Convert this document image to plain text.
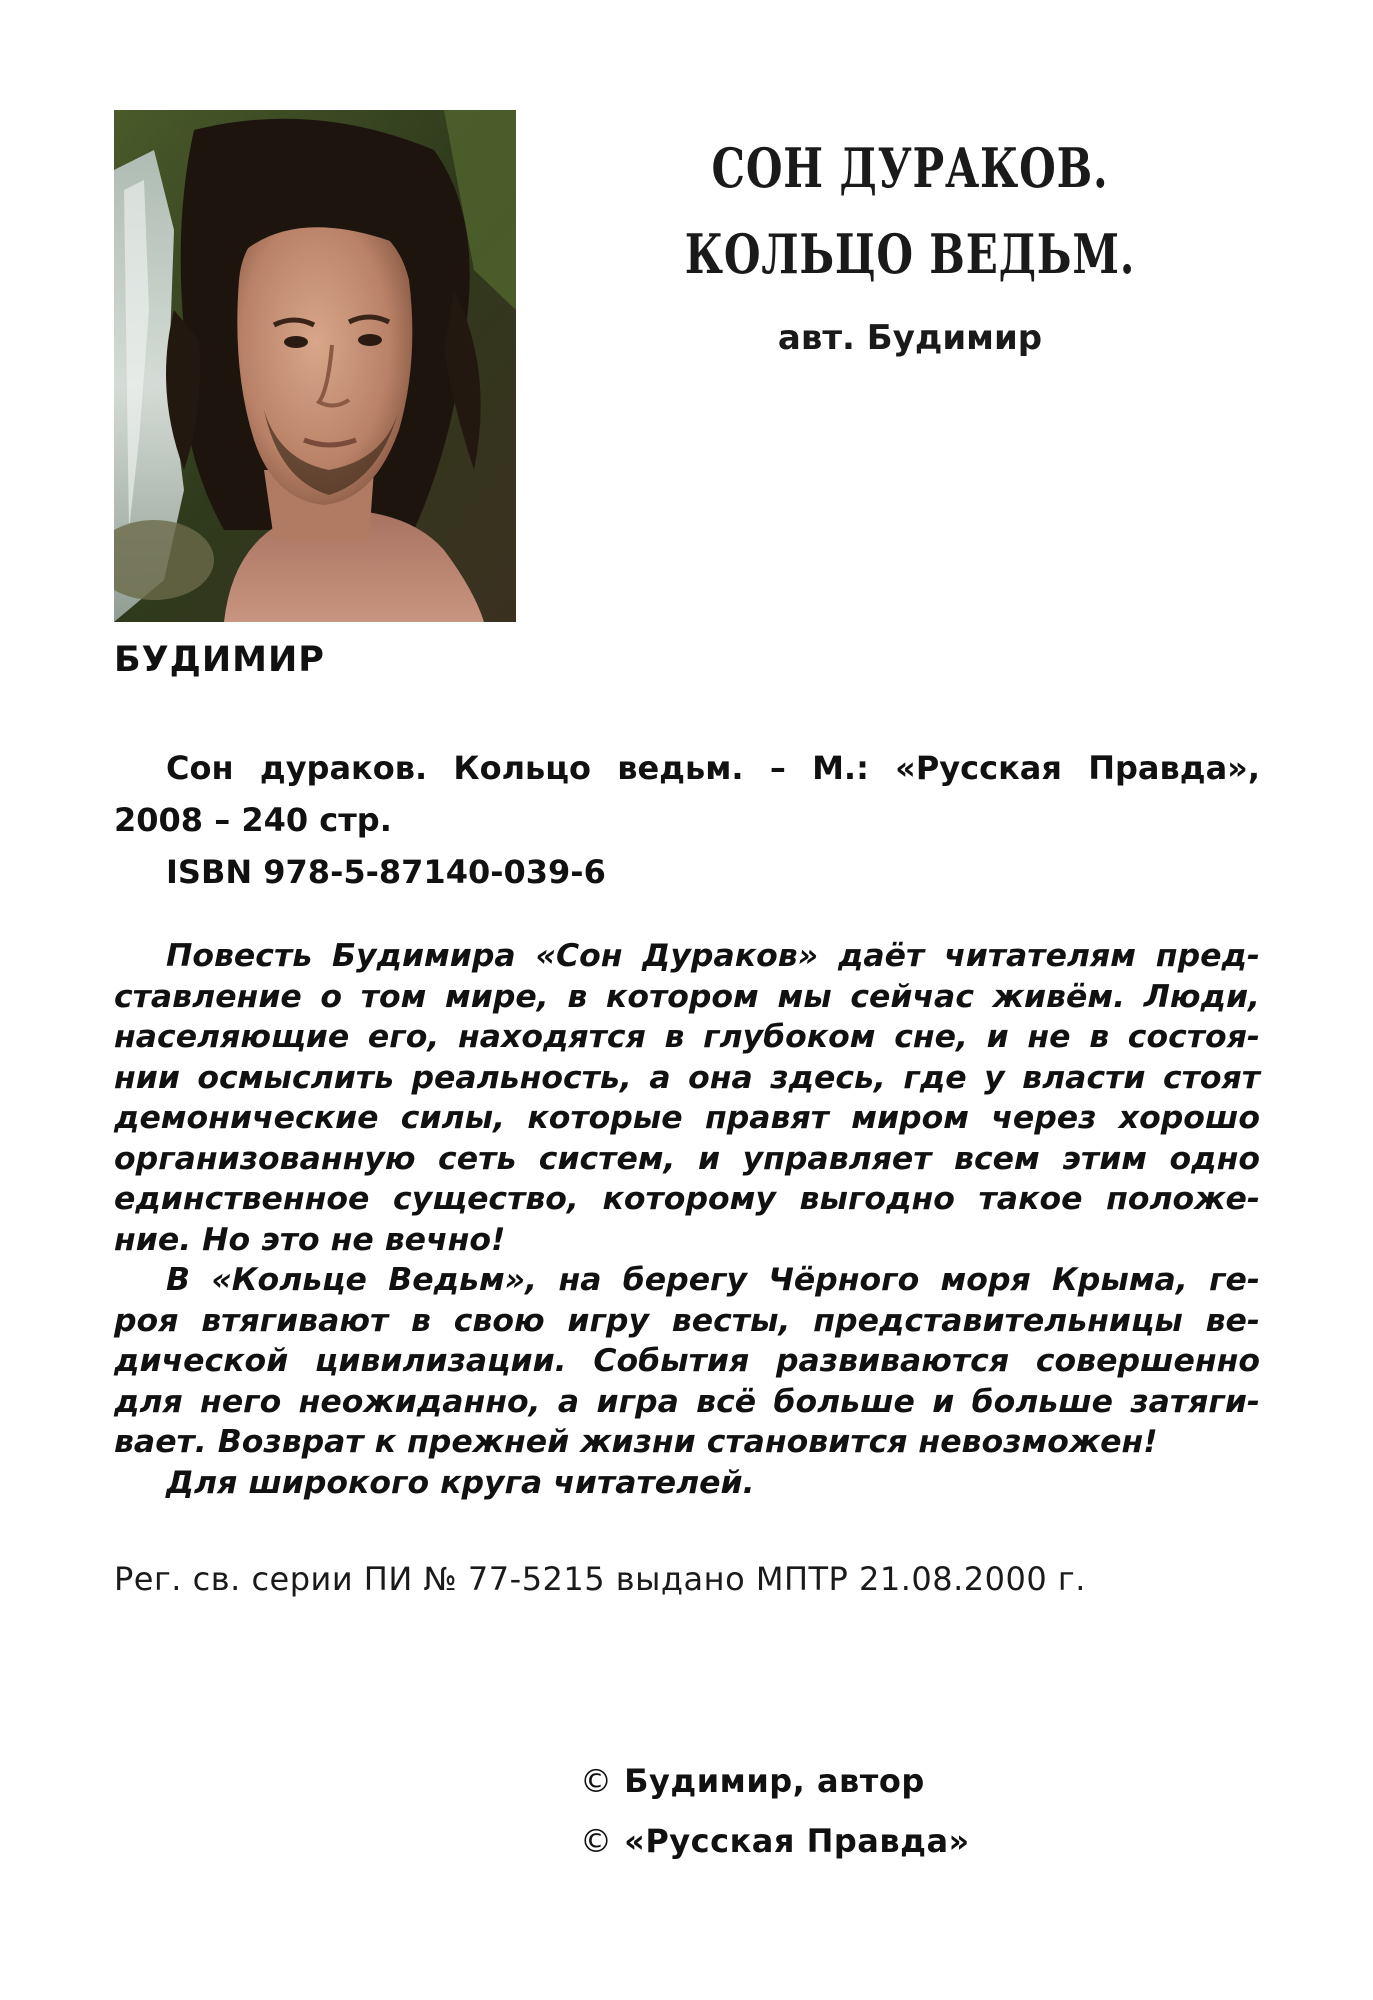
СОН ДУРАКОВ.
КОЛЬЦО ВЕДЬМ.
авт. Будимир
БУДИМИР
Сон дураков. Кольцо ведьм. – М.: «Русская Правда»,
2008 – 240 стр.
ISBN 978-5-87140-039-6
Повесть Будимира «Сон Дураков» даёт читателям пред-
ставление о том мире, в котором мы сейчас живём. Люди,
населяющие его, находятся в глубоком сне, и не в состоя-
нии осмыслить реальность, а она здесь, где у власти стоят
демонические силы, которые правят миром через хорошо
организованную сеть систем, и управляет всем этим одно
единственное существо, которому выгодно такое положе-
ние. Но это не вечно!
В «Кольце Ведьм», на берегу Чёрного моря Крыма, ге-
роя втягивают в свою игру весты, представительницы ве-
дической цивилизации. События развиваются совершенно
для него неожиданно, а игра всё больше и больше затяги-
вает. Возврат к прежней жизни становится невозможен!
Для широкого круга читателей.
Рег. св. серии ПИ № 77-5215 выдано МПТР 21.08.2000 г.
© Будимир, автор
© «Русская Правда»
